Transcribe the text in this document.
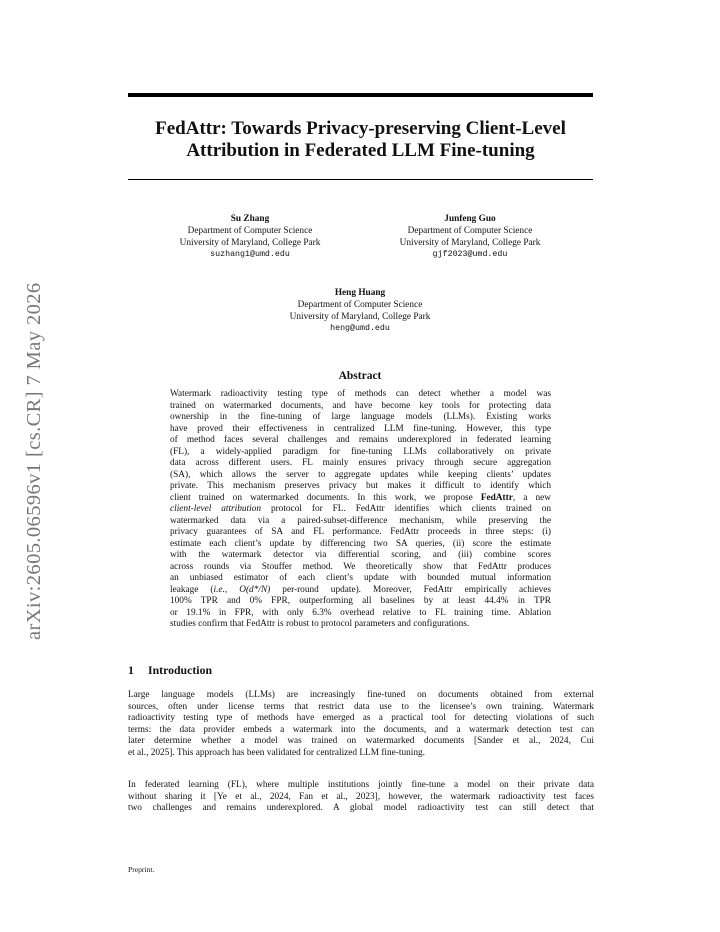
arXiv:2605.06596v1 [cs.CR] 7 May 2026
FedAttr: Towards Privacy-preserving Client-Level
Attribution in Federated LLM Fine-tuning
Su Zhang
Department of Computer Science
University of Maryland, College Park
suzhang1@umd.edu
Junfeng Guo
Department of Computer Science
University of Maryland, College Park
gjf2023@umd.edu
Heng Huang
Department of Computer Science
University of Maryland, College Park
heng@umd.edu
Abstract
Watermark radioactivity testing type of methods can detect whether a model was
trained on watermarked documents, and have become key tools for protecting data
ownership in the fine-tuning of large language models (LLMs). Existing works
have proved their effectiveness in centralized LLM fine-tuning. However, this type
of method faces several challenges and remains underexplored in federated learning
(FL), a widely-applied paradigm for fine-tuning LLMs collaboratively on private
data across different users. FL mainly ensures privacy through secure aggregation
(SA), which allows the server to aggregate updates while keeping clients’ updates
private. This mechanism preserves privacy but makes it difficult to identify which
client trained on watermarked documents. In this work, we propose FedAttr, a new
client-level attribution protocol for FL. FedAttr identifies which clients trained on
watermarked data via a paired-subset-difference mechanism, while preserving the
privacy guarantees of SA and FL performance. FedAttr proceeds in three steps: (i)
estimate each client’s update by differencing two SA queries, (ii) score the estimate
with the watermark detector via differential scoring, and (iii) combine scores
across rounds via Stouffer method. We theoretically show that FedAttr produces
an unbiased estimator of each client’s update with bounded mutual information
leakage (i.e., O(d*/N) per-round update). Moreover, FedAttr empirically achieves
100% TPR and 0% FPR, outperforming all baselines by at least 44.4% in TPR
or 19.1% in FPR, with only 6.3% overhead relative to FL training time. Ablation
studies confirm that FedAttr is robust to protocol parameters and configurations.
1 Introduction
Large language models (LLMs) are increasingly fine-tuned on documents obtained from external
sources, often under license terms that restrict data use to the licensee’s own training. Watermark
radioactivity testing type of methods have emerged as a practical tool for detecting violations of such
terms: the data provider embeds a watermark into the documents, and a watermark detection test can
later determine whether a model was trained on watermarked documents [Sander et al., 2024, Cui
et al., 2025]. This approach has been validated for centralized LLM fine-tuning.
In federated learning (FL), where multiple institutions jointly fine-tune a model on their private data
without sharing it [Ye et al., 2024, Fan et al., 2023], however, the watermark radioactivity test faces
two challenges and remains underexplored. A global model radioactivity test can still detect that
Preprint.
